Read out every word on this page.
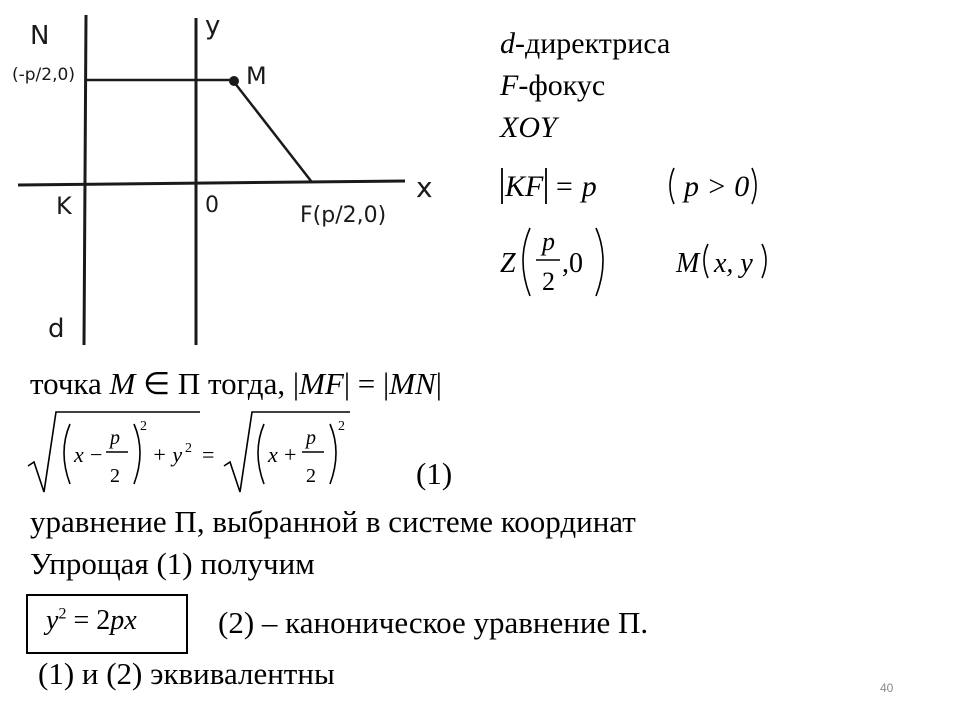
x
N	y
(-p/2,0)	M
K	0	F(p/2,0)
d
d-директриса
F-фокус
XOY
KF = p	p > 0
Z
p
2
,0	M x, y
точка M ∈ П тогда, |MF| = |MN|
x −
p
2
2
+ y 2 = x +
p
2
2
(1)
уравнение П, выбранной в системе координат
Упрощая (1) получим
$y^2 = 2px$	(2) – каноническое уравнение П.
(1) и (2) эквивалентны	40
